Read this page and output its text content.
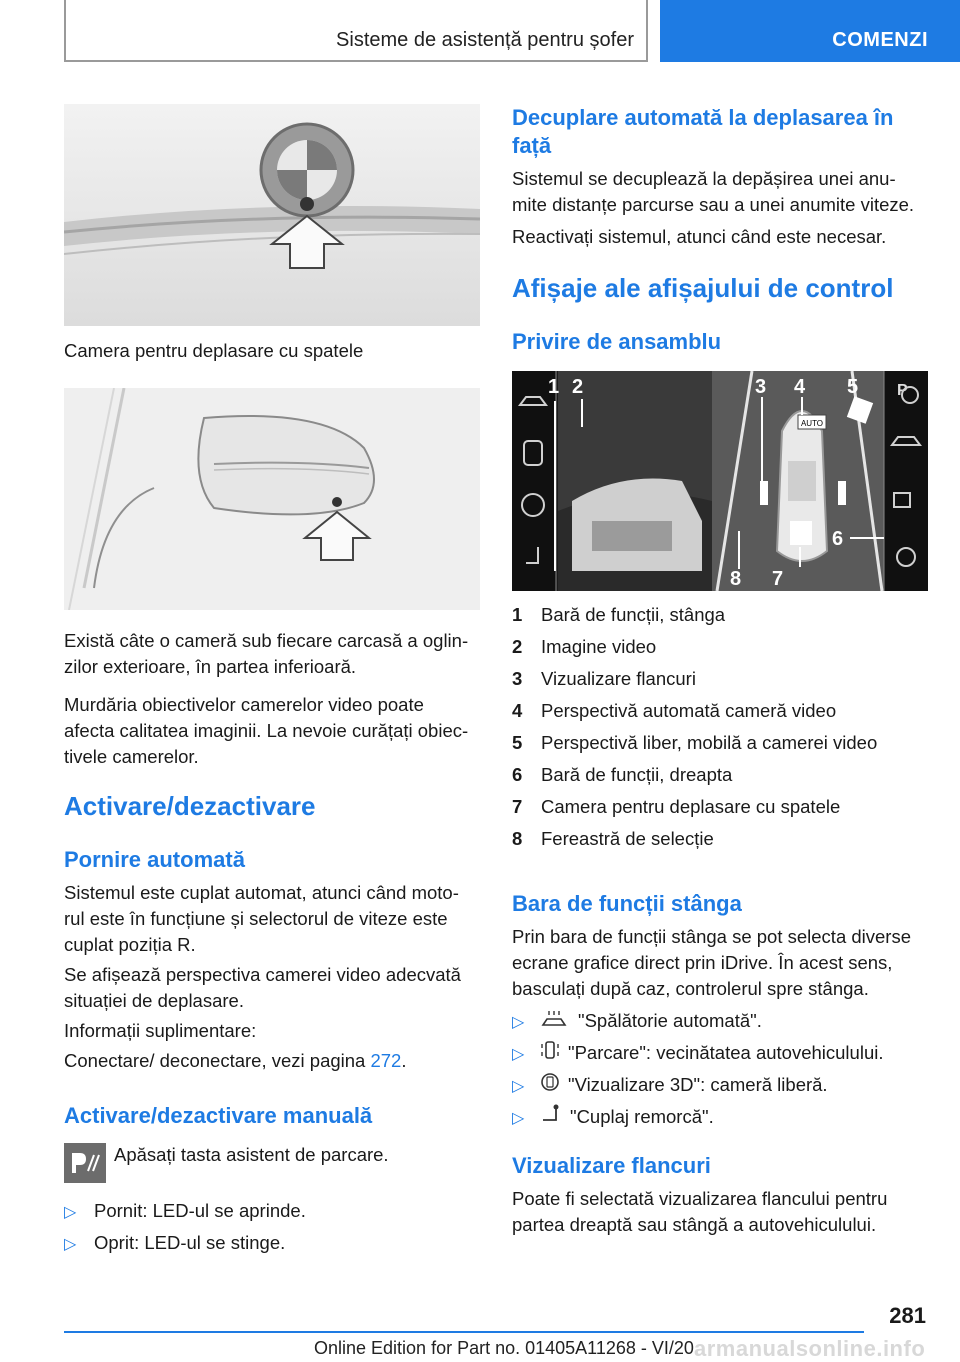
Sisteme de asistență pentru șofer	COMENZI

Camera pentru deplasare cu spatele

Există câte o cameră sub fiecare carcasă a oglin-

zilor exterioare, în partea inferioară.

Murdăria obiectivelor camerelor video poate

afecta calitatea imaginii. La nevoie curățați obiec-

tivele camerelor.

Activare/dezactivare

Pornire automată

Sistemul este cuplat automat, atunci când moto-

rul este în funcțiune și selectorul de viteze este

cuplat poziția R.

Se afișează perspectiva camerei video adecvată

situației de deplasare.

Informații suplimentare:

Conectare/ deconectare, vezi pagina 272.

Activare/dezactivare manuală

Apăsați tasta asistent de parcare.

▷ Pornit: LED-ul se aprinde.

▷ Oprit: LED-ul se stinge.

Decuplare automată la deplasarea în

față

Sistemul se decuplează la depășirea unei anu-

mite distanțe parcurse sau a unei anumite viteze.

Reactivați sistemul, atunci când este necesar.

Afișaje ale afișajului de control

Privire de ansamblu

AUTO
P
1 2	3 4 5
6
7
8
1 Bară de funcții, stânga
2 Imagine video
3 Vizualizare flancuri
4 Perspectivă automată cameră video
5 Perspectivă liber, mobilă a camerei video
6 Bară de funcții, dreapta
7 Camera pentru deplasare cu spatele
8 Fereastră de selecție

Bara de funcții stânga

Prin bara de funcții stânga se pot selecta diverse

ecrane grafice direct prin iDrive. În acest sens,

basculați după caz, controlerul spre stânga.

▷	"Spălătorie automată".

▷ "Parcare": vecinătatea autovehiculului.

▷ "Vizualizare 3D": cameră liberă.

▷ "Cuplaj remorcă".

Vizualizare flancuri

Poate fi selectată vizualizarea flancului pentru

partea dreaptă sau stângă a autovehiculului.

281
armanualsonline.info
Online Edition for Part no. 01405A11268 - VI/20
